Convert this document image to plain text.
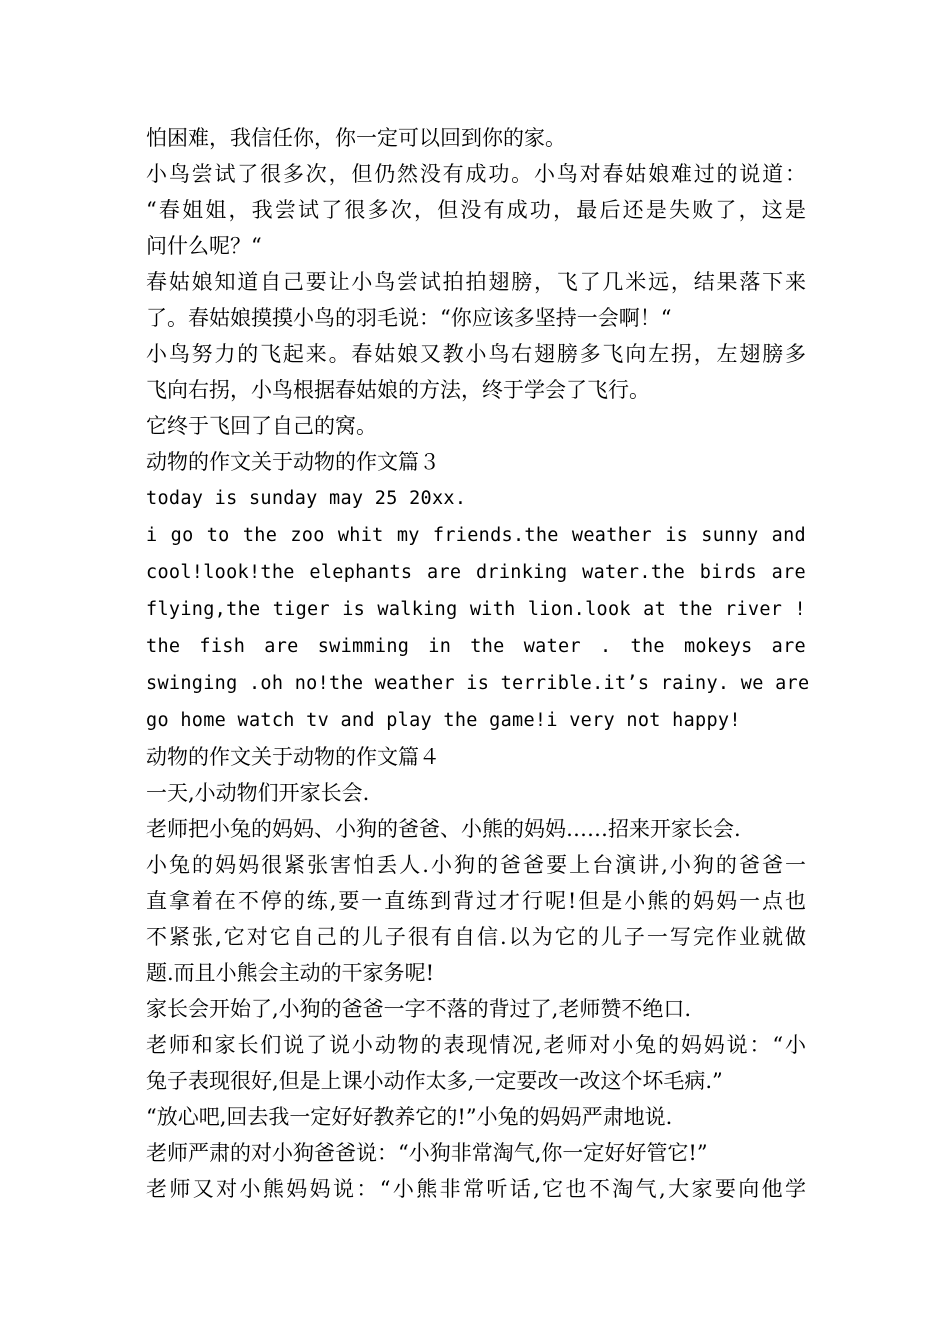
怕困难，我信任你，你一定可以回到你的家。
小鸟尝试了很多次，但仍然没有成功。小鸟对春姑娘难过的说道：
“春姐姐，我尝试了很多次，但没有成功，最后还是失败了，这是
问什么呢？“
春姑娘知道自己要让小鸟尝试拍拍翅膀，飞了几米远，结果落下来
了。春姑娘摸摸小鸟的羽毛说：“你应该多坚持一会啊！“
小鸟努力的飞起来。春姑娘又教小鸟右翅膀多飞向左拐，左翅膀多
飞向右拐，小鸟根据春姑娘的方法，终于学会了飞行。
它终于飞回了自己的窝。
动物的作文关于动物的作文篇３
today is sunday may 25 20xx.
i go to the zoo whit my friends.the weather is sunny and
cool!look!the elephants are drinking water.the birds are
flying,the tiger is walking with lion.look at the river !
the fish are swimming in the water . the mokeys are
swinging .oh no!the weather is terrible.it’s rainy. we are
go home watch tv and play the game!i very not happy!
动物的作文关于动物的作文篇４
一天,小动物们开家长会.
老师把小兔的妈妈、小狗的爸爸、小熊的妈妈……招来开家长会.
小兔的妈妈很紧张害怕丢人.小狗的爸爸要上台演讲,小狗的爸爸一
直拿着在不停的练,要一直练到背过才行呢!但是小熊的妈妈一点也
不紧张,它对它自己的儿子很有自信.以为它的儿子一写完作业就做
题.而且小熊会主动的干家务呢!
家长会开始了,小狗的爸爸一字不落的背过了,老师赞不绝口.
老师和家长们说了说小动物的表现情况,老师对小兔的妈妈说：“小
兔子表现很好,但是上课小动作太多,一定要改一改这个坏毛病.”
“放心吧,回去我一定好好教养它的!”小兔的妈妈严肃地说.
老师严肃的对小狗爸爸说：“小狗非常淘气,你一定好好管它!”
老师又对小熊妈妈说：“小熊非常听话,它也不淘气,大家要向他学
